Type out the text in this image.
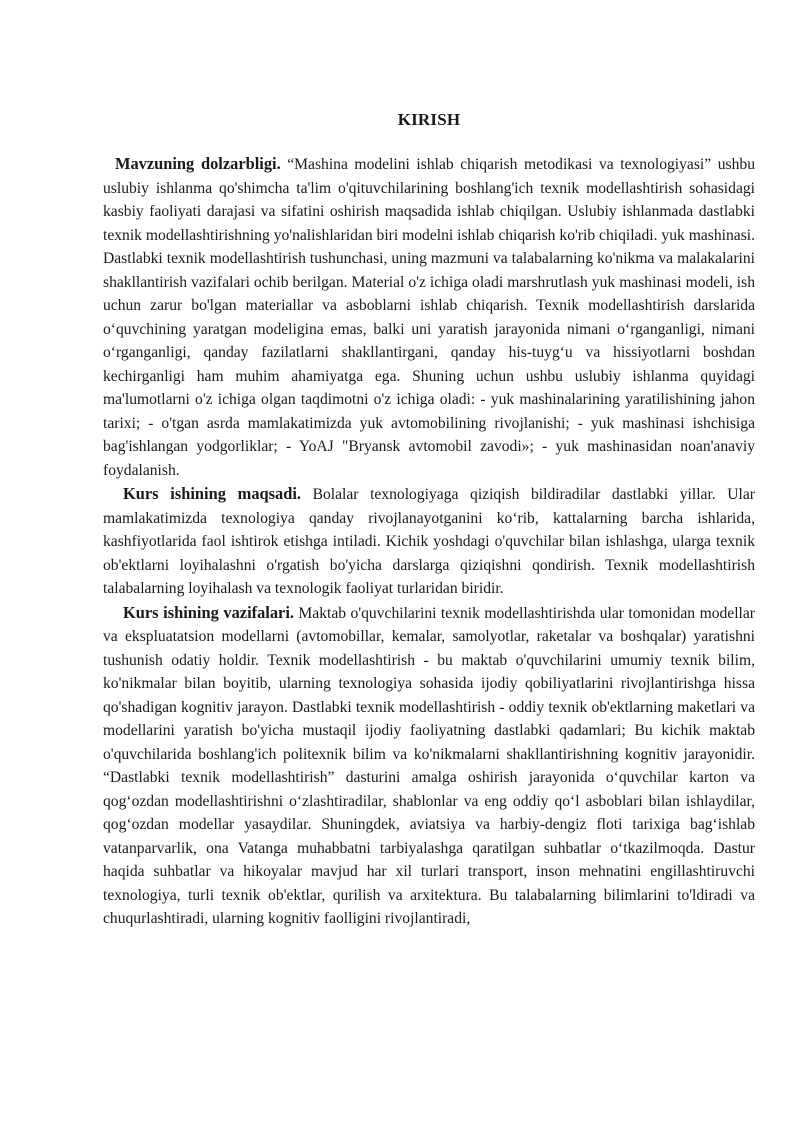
KIRISH

Mavzuning dolzarbligi. “Mashina modelini ishlab chiqarish metodikasi va texnologiyasi” ushbu uslubiy ishlanma qo'shimcha ta'lim o'qituvchilarining boshlang'ich texnik modellashtirish sohasidagi kasbiy faoliyati darajasi va sifatini oshirish maqsadida ishlab chiqilgan. Uslubiy ishlanmada dastlabki texnik modellashtirishning yo'nalishlaridan biri modelni ishlab chiqarish ko'rib chiqiladi. yuk mashinasi. Dastlabki texnik modellashtirish tushunchasi, uning mazmuni va talabalarning ko'nikma va malakalarini shakllantirish vazifalari ochib berilgan. Material o'z ichiga oladi marshrutlash yuk mashinasi modeli, ish uchun zarur bo'lgan materiallar va asboblarni ishlab chiqarish. Texnik modellashtirish darslarida o‘quvchining yaratgan modeligina emas, balki uni yaratish jarayonida nimani o‘rganganligi, nimani o‘rganganligi, qanday fazilatlarni shakllantirgani, qanday his-tuyg‘u va hissiyotlarni boshdan kechirganligi ham muhim ahamiyatga ega. Shuning uchun ushbu uslubiy ishlanma quyidagi ma'lumotlarni o'z ichiga olgan taqdimotni o'z ichiga oladi: - yuk mashinalarining yaratilishining jahon tarixi; - o'tgan asrda mamlakatimizda yuk avtomobilining rivojlanishi; - yuk mashinasi ishchisiga bag'ishlangan yodgorliklar; - YoAJ "Bryansk avtomobil zavodi»; - yuk mashinasidan noan'anaviy foydalanish.

Kurs ishining maqsadi. Bolalar texnologiyaga qiziqish bildiradilar dastlabki yillar. Ular mamlakatimizda texnologiya qanday rivojlanayotganini ko‘rib, kattalarning barcha ishlarida, kashfiyotlarida faol ishtirok etishga intiladi. Kichik yoshdagi o'quvchilar bilan ishlashga, ularga texnik ob'ektlarni loyihalashni o'rgatish bo'yicha darslarga qiziqishni qondirish. Texnik modellashtirish talabalarning loyihalash va texnologik faoliyat turlaridan biridir.

Kurs ishining vazifalari. Maktab o'quvchilarini texnik modellashtirishda ular tomonidan modellar va ekspluatatsion modellarni (avtomobillar, kemalar, samolyotlar, raketalar va boshqalar) yaratishni tushunish odatiy holdir. Texnik modellashtirish - bu maktab o'quvchilarini umumiy texnik bilim, ko'nikmalar bilan boyitib, ularning texnologiya sohasida ijodiy qobiliyatlarini rivojlantirishga hissa qo'shadigan kognitiv jarayon. Dastlabki texnik modellashtirish - oddiy texnik ob'ektlarning maketlari va modellarini yaratish bo'yicha mustaqil ijodiy faoliyatning dastlabki qadamlari; Bu kichik maktab o'quvchilarida boshlang'ich politexnik bilim va ko'nikmalarni shakllantirishning kognitiv jarayonidir. “Dastlabki texnik modellashtirish” dasturini amalga oshirish jarayonida o‘quvchilar karton va qog‘ozdan modellashtirishni o‘zlashtiradilar, shablonlar va eng oddiy qo‘l asboblari bilan ishlaydilar, qog‘ozdan modellar yasaydilar. Shuningdek, aviatsiya va harbiy-dengiz floti tarixiga bag‘ishlab vatanparvarlik, ona Vatanga muhabbatni tarbiyalashga qaratilgan suhbatlar o‘tkazilmoqda. Dastur haqida suhbatlar va hikoyalar mavjud har xil turlari transport, inson mehnatini engillashtiruvchi texnologiya, turli texnik ob'ektlar, qurilish va arxitektura. Bu talabalarning bilimlarini to'ldiradi va chuqurlashtiradi, ularning kognitiv faolligini rivojlantiradi,
